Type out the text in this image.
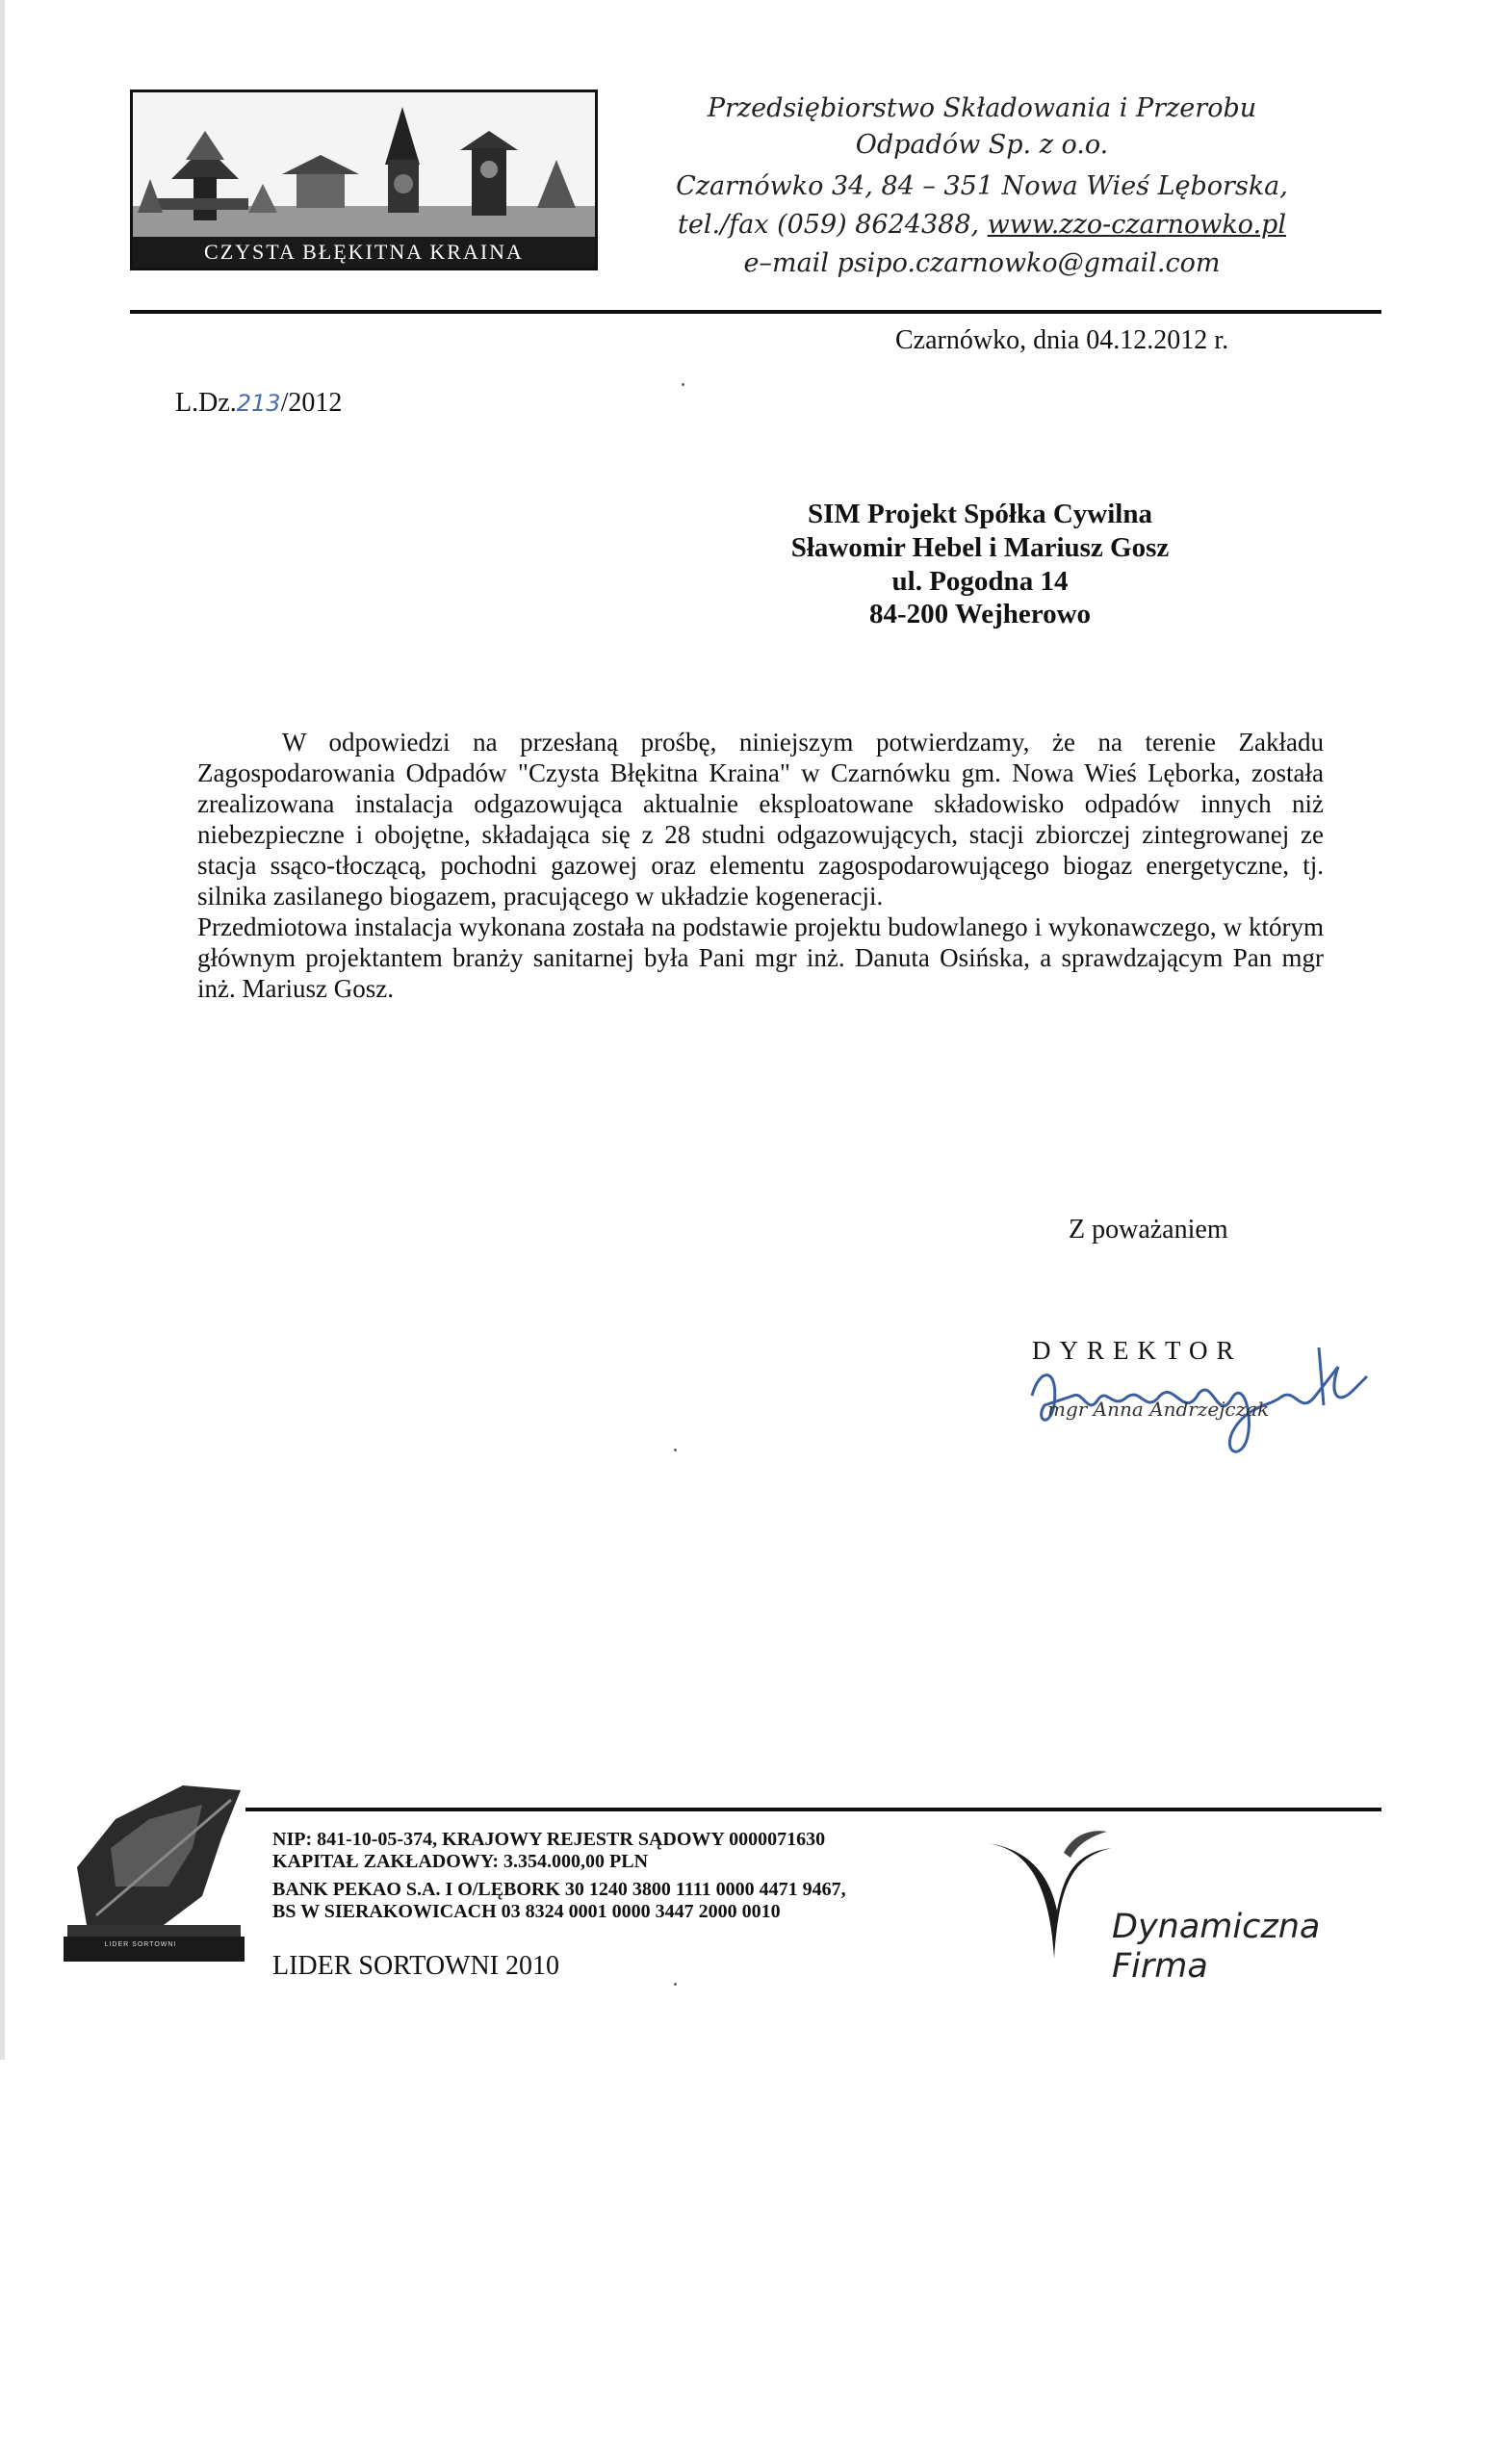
CZYSTA BŁĘKITNA KRAINA
Przedsiębiorstwo Składowania i Przerobu
Odpadów Sp. z o.o.
Czarnówko 34, 84 – 351 Nowa Wieś Lęborska,
tel./fax (059) 8624388, www.zzo-czarnowko.pl
e–mail psipo.czarnowko@gmail.com
Czarnówko, dnia 04.12.2012 r.
L.Dz.213/2012
SIM Projekt Spółka Cywilna
Sławomir Hebel i Mariusz Gosz
ul. Pogodna 14
84-200 Wejherowo

W odpowiedzi na przesłaną prośbę, niniejszym potwierdzamy, że na terenie Zakładu Zagospodarowania Odpadów "Czysta Błękitna Kraina" w Czarnówku gm. Nowa Wieś Lęborka, została zrealizowana instalacja odgazowująca aktualnie eksploatowane składowisko odpadów innych niż niebezpieczne i obojętne, składająca się z 28 studni odgazowujących, stacji zbiorczej zintegrowanej ze stacja ssąco-tłoczącą, pochodni gazowej oraz elementu zagospodarowującego biogaz energetyczne, tj. silnika zasilanego biogazem, pracującego w układzie kogeneracji.

Przedmiotowa instalacja wykonana została na podstawie projektu budowlanego i wykonawczego, w którym głównym projektantem branży sanitarnej była Pani mgr inż. Danuta Osińska, a sprawdzającym Pan mgr inż. Mariusz Gosz.

Z poważaniem
DYREKTOR
mgr Anna Andrzejczak
LIDER SORTOWNI
NIP: 841-10-05-374, KRAJOWY REJESTR SĄDOWY 0000071630
KAPITAŁ ZAKŁADOWY: 3.354.000,00 PLN
BANK PEKAO S.A. I O/LĘBORK 30 1240 3800 1111 0000 4471 9467,
BS W SIERAKOWICACH 03 8324 0001 0000 3447 2000 0010
LIDER SORTOWNI 2010
Dynamiczna
Firma
